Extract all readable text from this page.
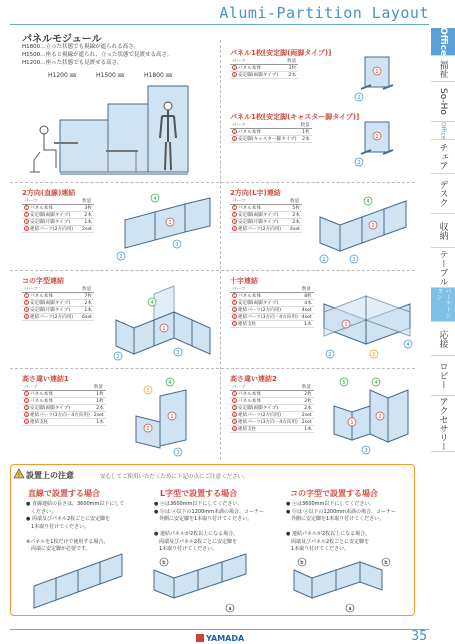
Alumi-Partition Layout
Office
福祉
So-Ho
Office
チェア
デスク
収納
テーブル
パーテーション
応接
ロビー
アクセサリー
パネルモジュール
H1800…立った状態でも視線が遮られる高さ。
H1500…座ると視線が遮られ、立った状態で見渡せる高さ。
H1200…座った状態でも見渡せる高さ。
H1200 ㎜	H1500 ㎜	H1800 ㎜
パネル1枚[安定脚(両脚タイプ)]
パーツ	数量
1 パネル本体	1枚
2 安定脚(両脚タイプ)	2本
1
2
パネル1枚[安定脚(キャスター脚タイプ)]
パーツ	数量
1 パネル本体	1枚
2 安定脚(キャスター脚タイプ)	2本	1
2
2方向(直線)連結
パーツ	数量
1 パネル本体	3枚
2 安定脚(両脚タイプ)	2本
3 安定脚(片脚タイプ)	1本
4 連結パーツ(2方向用)	2set
1
4
2
3
2方向(L字)連結
パーツ	数量
1 パネル本体	5枚
2 安定脚(両脚タイプ)	2本
3 安定脚(片脚タイプ)	2本
4 連結パーツ(2方向用)	4set	1
4
2	3
コの字型連結
パーツ	数量
1 パネル本体	7枚
2 安定脚(両脚タイプ)	2本
3 安定脚(片脚タイプ)	1本
4 連結パーツ(2方向用)	6set
1
4
2
3
十字連結
パーツ	数量
1 パネル本体	8枚
2 安定脚(両脚タイプ)	4本
3 連結パーツ(2方向用)	4set
4 連結パーツ(3方向・4方向用)	4set
5 連結支柱	1本	1
2
4
5
高さ違い連結1
パーツ	数量
1 パネル本体	1枚
2 パネル本体	1枚
3 安定脚(両脚タイプ)	2本
4 連結パーツ(3方向・4方向用)	2set
5 連結支柱	1本
2
1
5
4
3
高さ違い連結2
パーツ	数量
1 パネル本体	2枚
2 パネル本体	2枚
3 安定脚(両脚タイプ)	2本
4 連結パーツ(2方向用)	2set
5 連結パーツ(3方向・4方向用)	2set
6 連結支柱	1本
1
2
5	4
3
! 設置上の注意	安心してご使用いただくために下記の点にご注意ください。
直線で設置する場合
● 直線連結の長さは、3600mm以下にして
　ください。
● 両端及びパネル2枚ごとに安定脚を
　1本取り付けてください。

※パネルを1枚だけで使用する場合、
　両端に安定脚が必要です。
L字型で設置する場合
● ⓐは3600mm以下にしてください。
● ⓑは ⓐ以下の1200mm未満の場合、コーナー
　外側に安定脚を1本取り付けてください。

● 連結パネルが2枚以上になる場合、
　両端及びパネル2枚ごとに安定脚を
　1本取り付けてください。
コの字型で設置する場合
● ⓐは3600mm以下にしてください。
● ⓑは ⓐ以下の1200mm未満の場合、コーナー
　外側に安定脚を1本取り付けてください。

● 連結パネルが2枚以上になる場合、
　両端及びパネル2枚ごとに安定脚を
　1本取り付けてください。
b
a
b	b
a
YAMADA	35
